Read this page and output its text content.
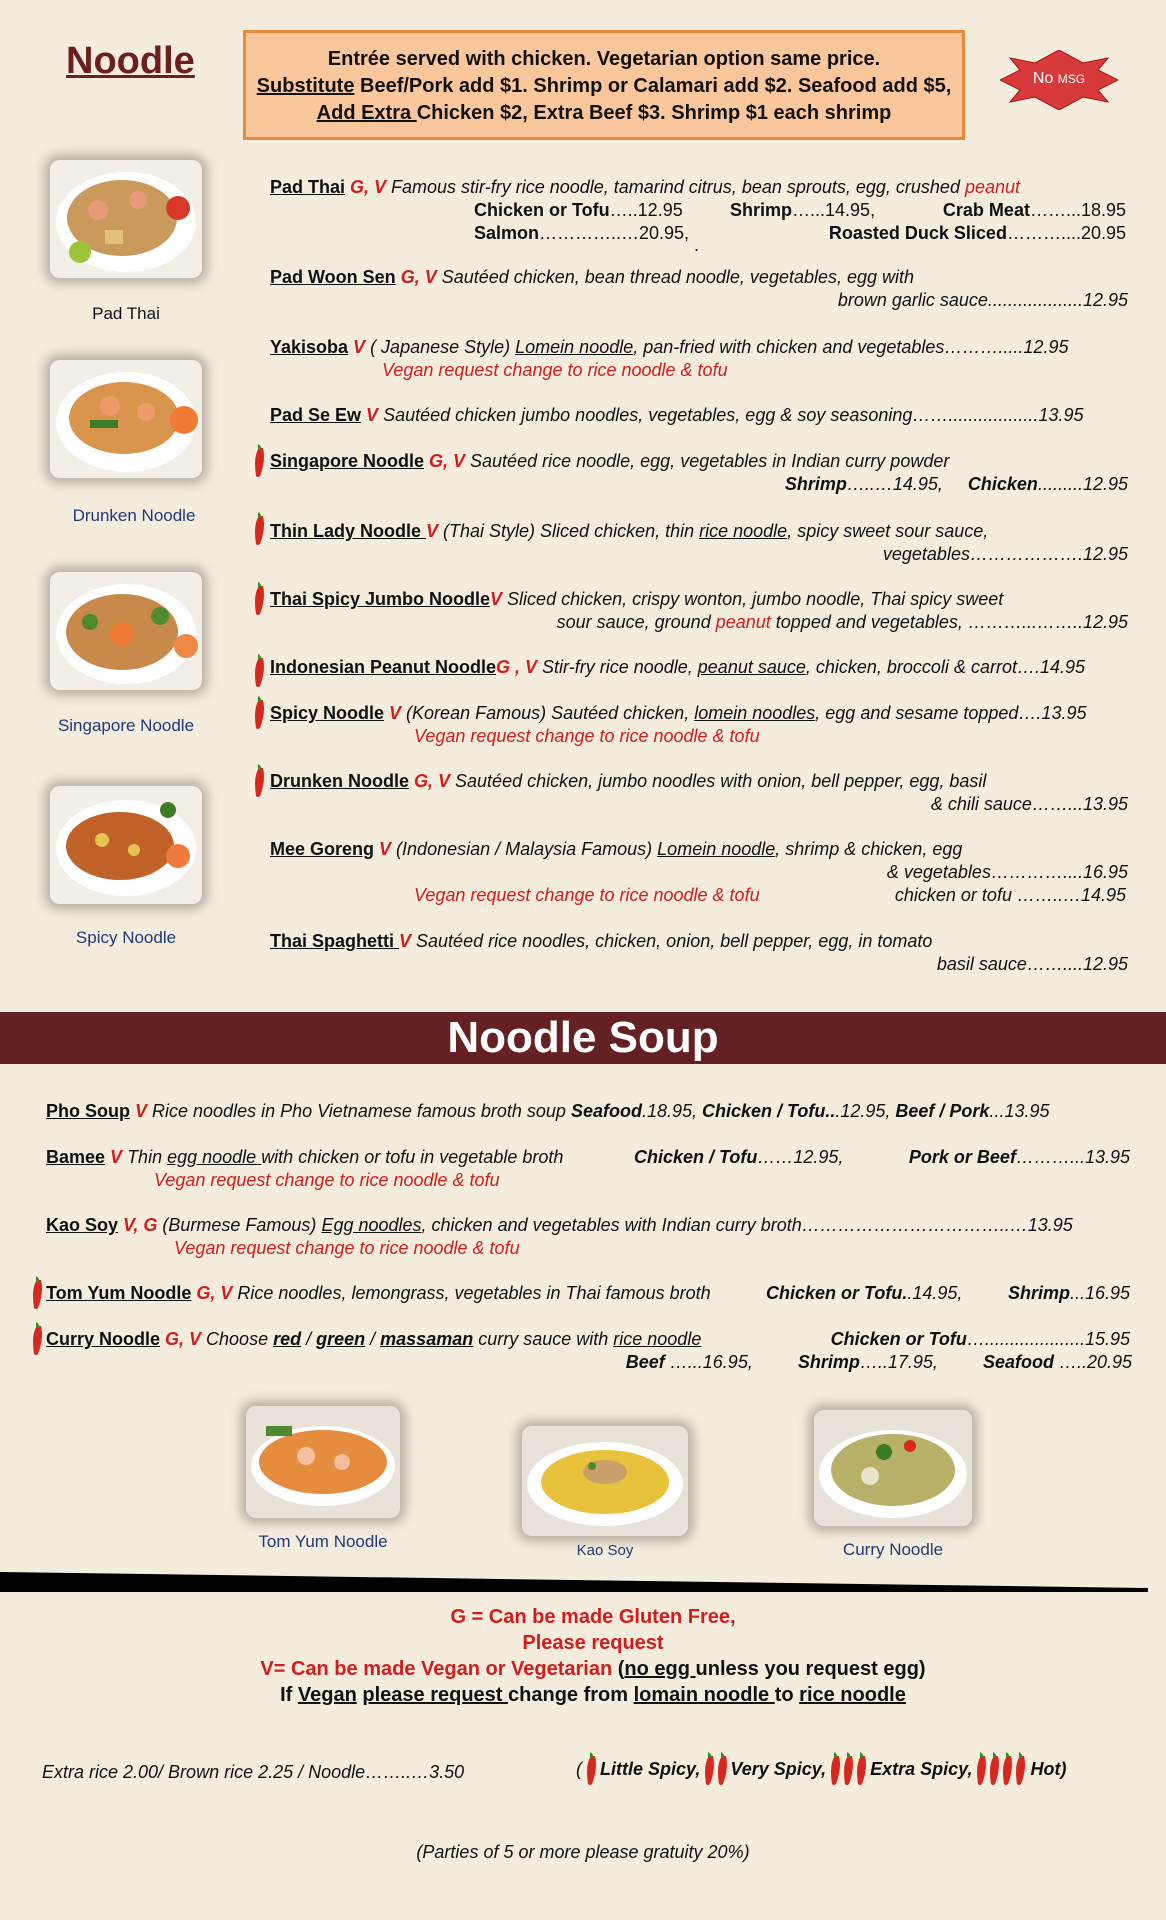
Noodle	Entrée served with chicken. Vegetarian option same price.
Substitute Beef/Pork add $1. Shrimp or Calamari add $2. Seafood add $5,
Add Extra Chicken $2, Extra Beef $3. Shrimp $1 each shrimp
No MSG
Pad Thai
Drunken Noodle
Singapore Noodle
Spicy Noodle
Pad Thai G, V Famous stir-fry rice noodle, tamarind citrus, bean sprouts, egg, crushed peanut
Chicken or Tofu…..12.95	Shrimp…...14.95,	Crab Meat……...18.95
Salmon…………..…20.95,	Roasted Duck Sliced………....20.95
.
Pad Woon Sen G, V Sautéed chicken, bean thread noodle, vegetables, egg with
brown garlic sauce...................12.95
Yakisoba V ( Japanese Style) Lomein noodle, pan-fried with chicken and vegetables……….....12.95
Vegan request change to rice noodle & tofu
Pad Se Ew V Sautéed chicken jumbo noodles, vegetables, egg & soy seasoning……..................13.95
Singapore Noodle G, V Sautéed rice noodle, egg, vegetables in Indian curry powder
Shrimp…..…14.95, Chicken.........12.95
Thin Lady Noodle V (Thai Style) Sliced chicken, thin rice noodle, spicy sweet sour sauce,
vegetables……………….12.95
Thai Spicy Jumbo NoodleV Sliced chicken, crispy wonton, jumbo noodle, Thai spicy sweet
sour sauce, ground peanut topped and vegetables, ………...……..12.95
Indonesian Peanut NoodleG , V Stir-fry rice noodle, peanut sauce, chicken, broccoli & carrot….14.95
Spicy Noodle V (Korean Famous) Sautéed chicken, lomein noodles, egg and sesame topped….13.95
Vegan request change to rice noodle & tofu
Drunken Noodle G, V Sautéed chicken, jumbo noodles with onion, bell pepper, egg, basil
& chili sauce……...13.95
Mee Goreng V (Indonesian / Malaysia Famous) Lomein noodle, shrimp & chicken, egg
& vegetables…………....16.95
Vegan request change to rice noodle & tofu	chicken or tofu ……..…14.95
Thai Spaghetti V Sautéed rice noodles, chicken, onion, bell pepper, egg, in tomato
basil sauce……....12.95
Noodle Soup
Pho Soup V Rice noodles in Pho Vietnamese famous broth soup Seafood.18.95, Chicken / Tofu...12.95, Beef / Pork...13.95
Bamee V Thin egg noodle with chicken or tofu in vegetable broth	Chicken / Tofu……12.95,	Pork or Beef………...13.95
Vegan request change to rice noodle & tofu
Kao Soy V, G (Burmese Famous) Egg noodles, chicken and vegetables with Indian curry broth……………………………..…13.95
Vegan request change to rice noodle & tofu
Tom Yum Noodle G, V Rice noodles, lemongrass, vegetables in Thai famous broth	Chicken or Tofu..14.95,	Shrimp...16.95
Curry Noodle G, V Choose red / green / massaman curry sauce with rice noodle	Chicken or Tofu…....................15.95
Beef …...16.95,	Shrimp…..17.95,	Seafood …..20.95
Tom Yum Noodle	Kao Soy	Curry Noodle
G = Can be made Gluten Free,
Please request
V= Can be made Vegan or Vegetarian (no egg unless you request egg)
If Vegan please request change from lomain noodle to rice noodle
Extra rice 2.00/ Brown rice 2.25 / Noodle……..…3.50	( Little Spicy, Very Spicy, Extra Spicy,	Hot)
(Parties of 5 or more please gratuity 20%)
